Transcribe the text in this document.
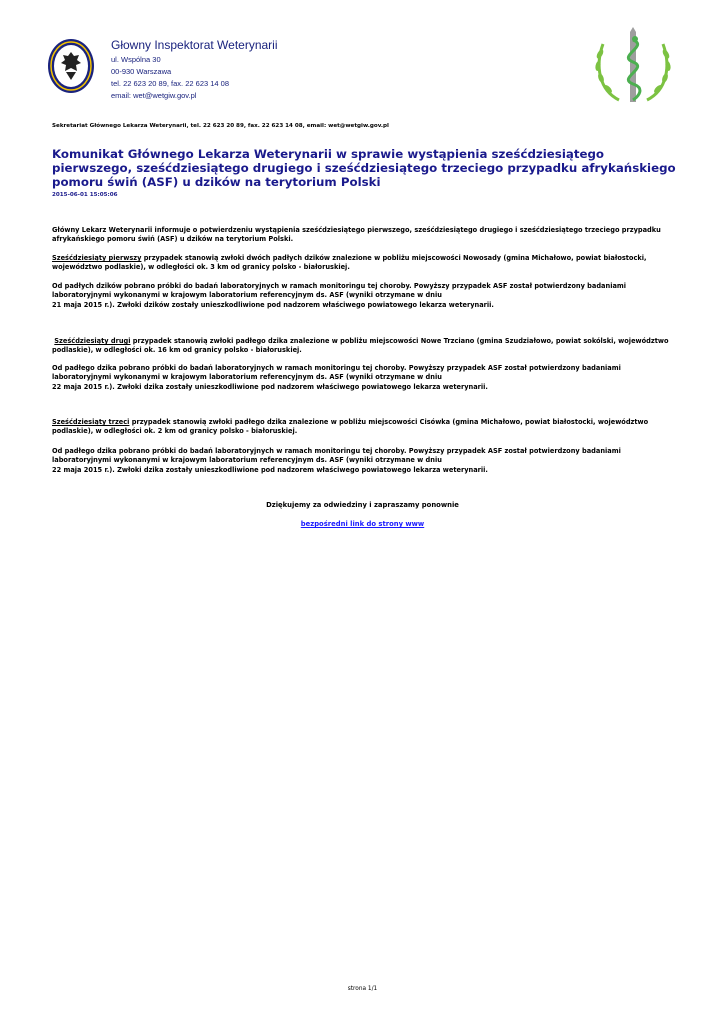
Głowny Inspektorat Weterynarii
ul. Wspólna 30
00-930 Warszawa
tel. 22 623 20 89, fax. 22 623 14 08
email: wet@wetgiw.gov.pl
Sekretariat Głównego Lekarza Weterynarii, tel. 22 623 20 89, fax. 22 623 14 08, email: wet@wetgiw.gov.pl
Komunikat Głównego Lekarza Weterynarii w sprawie wystąpienia sześćdziesiątego pierwszego, sześćdziesiątego drugiego i sześćdziesiątego trzeciego przypadku afrykańskiego pomoru świń (ASF) u dzików na terytorium Polski
2015-06-01 15:05:06

Główny Lekarz Weterynarii informuje o potwierdzeniu wystąpienia sześćdziesiątego pierwszego, sześćdziesiątego drugiego i sześćdziesiątego trzeciego przypadku afrykańskiego pomoru świń (ASF) u dzików na terytorium Polski.

Sześćdziesiąty pierwszy przypadek stanowią zwłoki dwóch padłych dzików znalezione w pobliżu miejscowości Nowosady (gmina Michałowo, powiat białostocki, województwo podlaskie), w odległości ok. 3 km od granicy polsko - białoruskiej.

Od padłych dzików pobrano próbki do badań laboratoryjnych w ramach monitoringu tej choroby. Powyższy przypadek ASF został potwierdzony badaniami laboratoryjnymi wykonanymi w krajowym laboratorium referencyjnym ds. ASF (wyniki otrzymane w dniu
21 maja 2015 r.). Zwłoki dzików zostały unieszkodliwione pod nadzorem właściwego powiatowego lekarza weterynarii.

Sześćdziesiąty drugi przypadek stanowią zwłoki padłego dzika znalezione w pobliżu miejscowości Nowe Trzciano (gmina Szudziałowo, powiat sokólski, województwo podlaskie), w odległości ok. 16 km od granicy polsko - białoruskiej.

Od padłego dzika pobrano próbki do badań laboratoryjnych w ramach monitoringu tej choroby. Powyższy przypadek ASF został potwierdzony badaniami laboratoryjnymi wykonanymi w krajowym laboratorium referencyjnym ds. ASF (wyniki otrzymane w dniu
22 maja 2015 r.). Zwłoki dzika zostały unieszkodliwione pod nadzorem właściwego powiatowego lekarza weterynarii.

Sześćdziesiąty trzeci przypadek stanowią zwłoki padłego dzika znalezione w pobliżu miejscowości Cisówka (gmina Michałowo, powiat białostocki, województwo podlaskie), w odległości ok. 2 km od granicy polsko - białoruskiej.

Od padłego dzika pobrano próbki do badań laboratoryjnych w ramach monitoringu tej choroby. Powyższy przypadek ASF został potwierdzony badaniami laboratoryjnymi wykonanymi w krajowym laboratorium referencyjnym ds. ASF (wyniki otrzymane w dniu
22 maja 2015 r.). Zwłoki dzika zostały unieszkodliwione pod nadzorem właściwego powiatowego lekarza weterynarii.

Dziękujemy za odwiedziny i zapraszamy ponownie
bezpośredni link do strony www
strona 1/1
